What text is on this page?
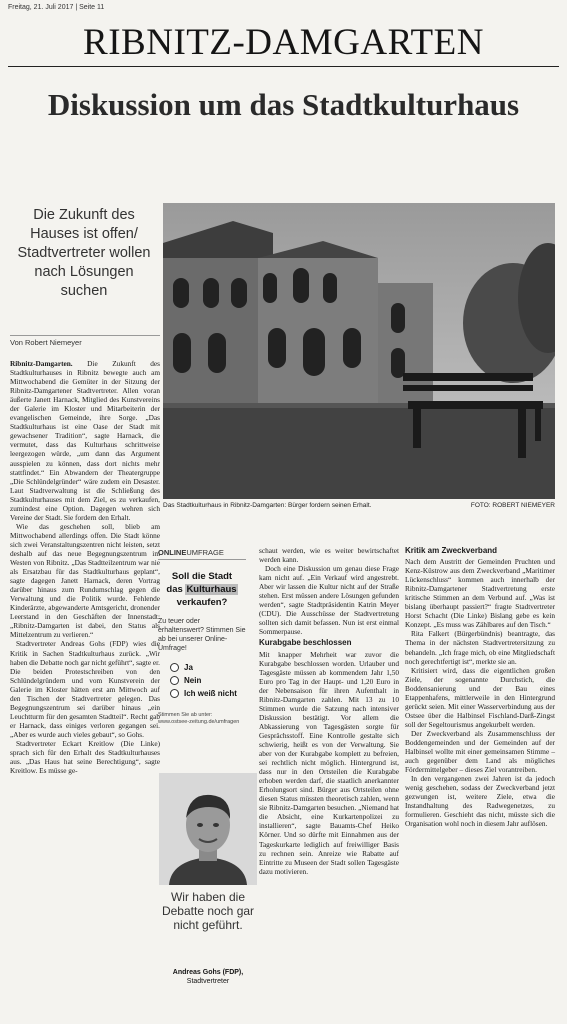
Freitag, 21. Juli 2017 | Seite 11
RIBNITZ-DAMGARTEN
Diskussion um das Stadtkulturhaus
Die Zukunft des Hauses ist offen/ Stadtvertreter wollen nach Lösungen suchen
Von Robert Niemeyer

Ribnitz-Damgarten. Die Zukunft des Stadtkulturhauses in Ribnitz bewegte auch am Mittwochabend die Gemüter in der Sitzung der Ribnitz-Damgartener Stadtvertreter. Allen voran äußerte Janett Harnack, Mitglied des Kunstvereins der Galerie im Kloster und Mitarbeiterin der evangelischen Gemeinde, ihre Sorge. „Das Stadtkulturhaus ist eine Oase der Stadt mit gewachsener Tradition“, sagte Harnack, die vermutet, dass das Kulturhaus schrittweise leergezogen würde, „um dann das Argument ausspielen zu können, dass dort nichts mehr stattfindet.“ Ein Abwandern der Theatergruppe „Die Schlündelgründer“ wäre zudem ein Desaster. Laut Stadtverwaltung ist die Schließung des Stadtkulturhauses mit dem Ziel, es zu verkaufen, zumindest eine Option. Dagegen wehren sich Vereine der Stadt. Sie fordern den Erhalt.

Wie das geschehen soll, blieb am Mittwochabend allerdings offen. Die Stadt könne sich zwei Veranstaltungszentren nicht leisten, setzt deshalb auf das neue Begegnungszentrum im Westen von Ribnitz. „Das Stadtteilzentrum war nie als Ersatzbau für das Stadtkulturhaus geplant“, sagte dagegen Janett Harnack, deren Vortrag darüber hinaus zum Rundumschlag gegen die Verwaltung und die Politik wurde. Fehlende Kinderärzte, abgewanderte Amtsgericht, dronender Leerstand in den Geschäften der Innenstadt: „Ribnitz-Damgarten ist dabei, den Status als Mittelzentrum zu verlieren.“

Stadtvertreter Andreas Gohs (FDP) wies die Kritik in Sachen Stadtkulturhaus zurück. „Wir haben die Debatte noch gar nicht geführt“, sagte er. Die beiden Protestschreiben von den Schlündelgründern und vom Kunstverein der Galerie im Kloster hätten erst am Mittwoch auf den Tischen der Stadtvertreter gelegen. Das Begegnungszentrum sei darüber hinaus „ein Leuchtturm für den gesamten Stadtteil“. Recht gab er Harnack, dass einiges verloren gegangen sei. „Aber es wurde auch vieles gebaut“, so Gohs.

Stadtvertreter Eckart Kreitlow (Die Linke) sprach sich für den Erhalt des Stadtkulturhauses aus. „Das Haus hat seine Berechtigung“, sagte Kreitlow. Es müsse ge-

Das Stadtkulturhaus in Ribnitz-Damgarten: Bürger fordern seinen Erhalt.	FOTO: ROBERT NIEMEYER
ONLINEUMFRAGE
Soll die Stadt
das Kulturhaus
verkaufen?
Zu teuer oder erhaltenswert? Stimmen Sie ab bei unserer Online-Umfrage!
Ja
Nein
Ich weiß nicht
Stimmen Sie ab unter:
www.ostsee-zeitung.de/umfragen
Wir haben die Debatte noch gar nicht geführt.
Andreas Gohs (FDP),
Stadtvertreter

schaut werden, wie es weiter bewirtschaftet werden kann.

Doch eine Diskussion um genau diese Frage kam nicht auf. „Ein Verkauf wird angestrebt. Aber wir lassen die Kultur nicht auf der Straße stehen. Erst müssen andere Lösungen gefunden werden“, sagte Stadtpräsidentin Katrin Meyer (CDU). Die Ausschüsse der Stadtvertretung sollten sich damit befassen. Nun ist erst einmal Sommerpause.

Kurabgabe beschlossen

Mit knapper Mehrheit war zuvor die Kurabgabe beschlossen worden. Urlauber und Tagesgäste müssen ab kommendem Jahr 1,50 Euro pro Tag in der Haupt- und 1,20 Euro in der Nebensaison für ihren Aufenthalt in Ribnitz-Damgarten zahlen. Mit 13 zu 10 Stimmen wurde die Satzung nach intensiver Diskussion bestätigt. Vor allem die Abkassierung von Tagesgästen sorgte für Gesprächsstoff. Eine Kontrolle gestalte sich schwierig, heißt es von der Verwaltung. Sie aber von der Kurabgabe komplett zu befreien, sei rechtlich nicht möglich. Hintergrund ist, dass nur in den Ortsteilen die Kurabgabe erhoben werden darf, die staatlich anerkannter Erholungsort sind. Bürger aus Ortsteilen ohne diesen Status müssten theoretisch zahlen, wenn sie Ribnitz-Damgarten besuchen. „Niemand hat die Absicht, eine Kurkartenpolizei zu installieren“, sagte Bauamts-Chef Heiko Körner. Und so dürfte mit Einnahmen aus der Tageskurkarte lediglich auf freiwilliger Basis zu rechnen sein. Anreize wie Rabatte auf Eintritte zu Museen der Stadt sollen Tagesgäste dazu motivieren.

Kritik am Zweckverband

Nach dem Austritt der Gemeinden Pruchten und Kenz-Küstrow aus dem Zweckverband „Maritimer Lückenschluss“ kommen auch innerhalb der Ribnitz-Damgartener Stadtvertretung erste kritische Stimmen an dem Verbund auf. „Was ist bislang überhaupt passiert?“ fragte Stadtvertreter Horst Schacht (Die Linke) Bislang gebe es kein Konzept. „Es muss was Zählbares auf den Tisch.“

Rita Falkert (Bürgerbündnis) beantragte, das Thema in der nächsten Stadtvertretersitzung zu behandeln. „Ich frage mich, ob eine Mitgliedschaft noch gerechtfertigt ist“, merkte sie an.

Kritisiert wird, dass die eigentlichen großen Ziele, der sogenannte Durchstich, die Boddensanierung und der Bau eines Etappenhafens, mittlerweile in den Hintergrund gerückt seien. Mit einer Wasserverbindung aus der Ostsee über die Halbinsel Fischland-Darß-Zingst soll der Segeltourismus angekurbelt werden.

Der Zweckverband als Zusammenschluss der Boddengemeinden und der Gemeinden auf der Halbinsel wollte mit einer gemeinsamen Stimme – auch gegenüber dem Land als mögliches Fördermittelgeber – dieses Ziel vorantreiben.

In den vergangenen zwei Jahren ist da jedoch wenig geschehen, sodass der Zweckverband jetzt gezwungen ist, weitere Ziele, etwa die Instandhaltung des Radwegenetzes, zu formulieren. Geschieht das nicht, müsste sich die Organisation wohl noch in diesem Jahr auflösen.
